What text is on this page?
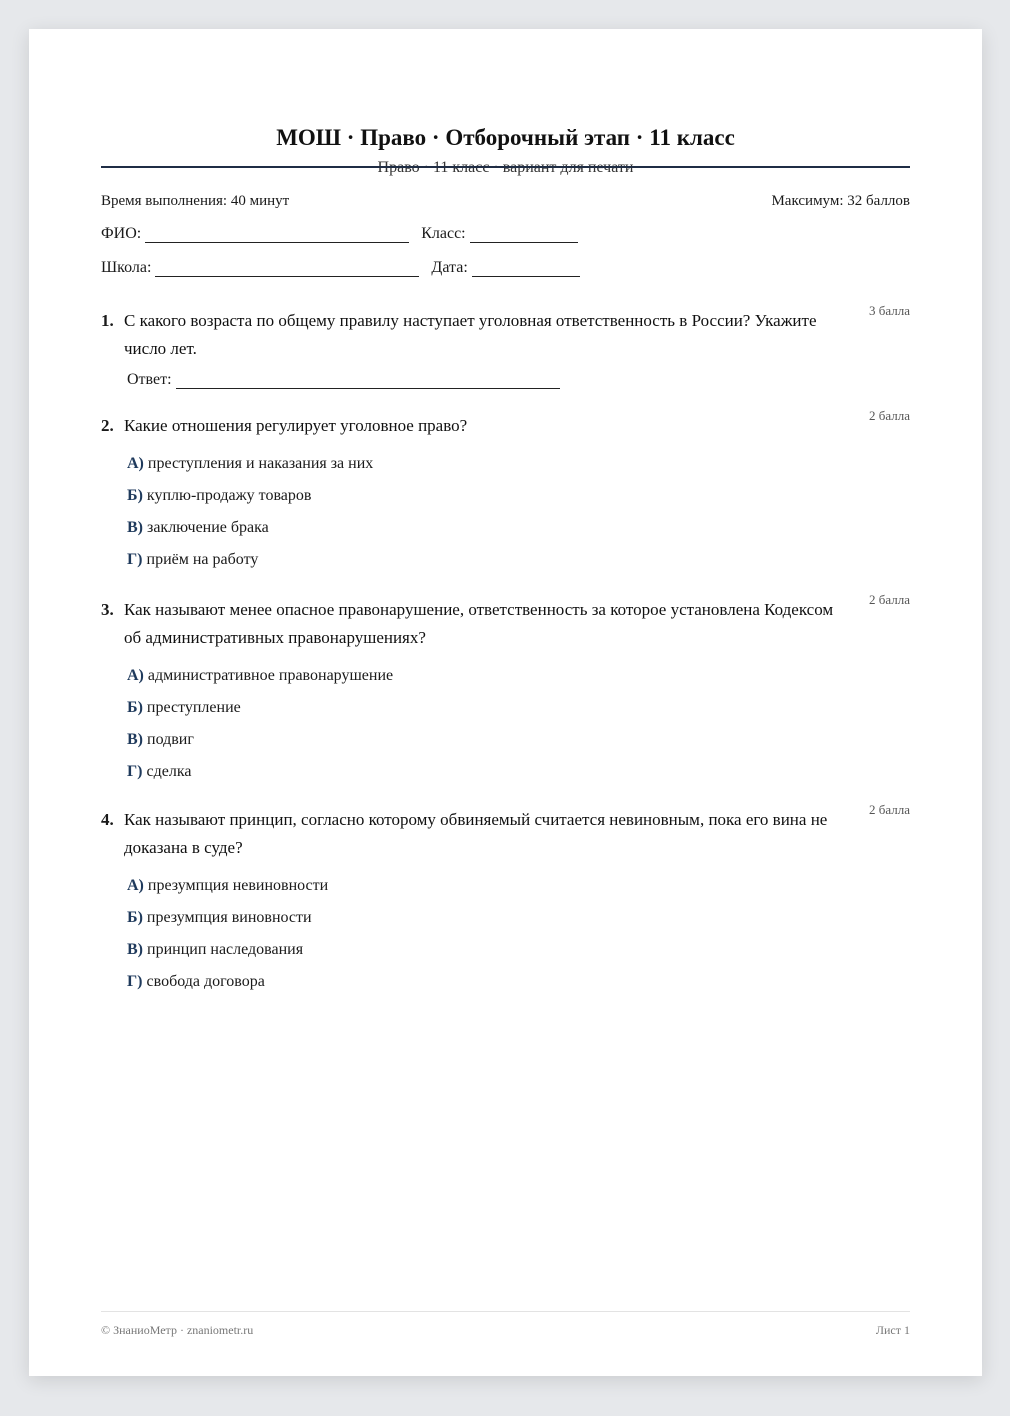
МОШ · Право · Отборочный этап · 11 класс
Время выполнения: 40 минут	Максимум: 32 баллов
ФИО:	Класс:
Школа:	Дата:
1. С какого возраста по общему правилу наступает уголовная ответственность в России? Укажите число лет.
3 балла
Ответ:
2. Какие отношения регулирует уголовное право?
2 балла
А) преступления и наказания за них
Б) куплю-продажу товаров
В) заключение брака
Г) приём на работу
3. Как называют менее опасное правонарушение, ответственность за которое установлена Кодексом об административных правонарушениях?
2 балла
А) административное правонарушение
Б) преступление
В) подвиг
Г) сделка
4. Как называют принцип, согласно которому обвиняемый считается невиновным, пока его вина не доказана в суде?
2 балла
А) презумпция невиновности
Б) презумпция виновности
В) принцип наследования
Г) свобода договора
© ЗнаниоМетр · znaniometr.ru	Лист 1
